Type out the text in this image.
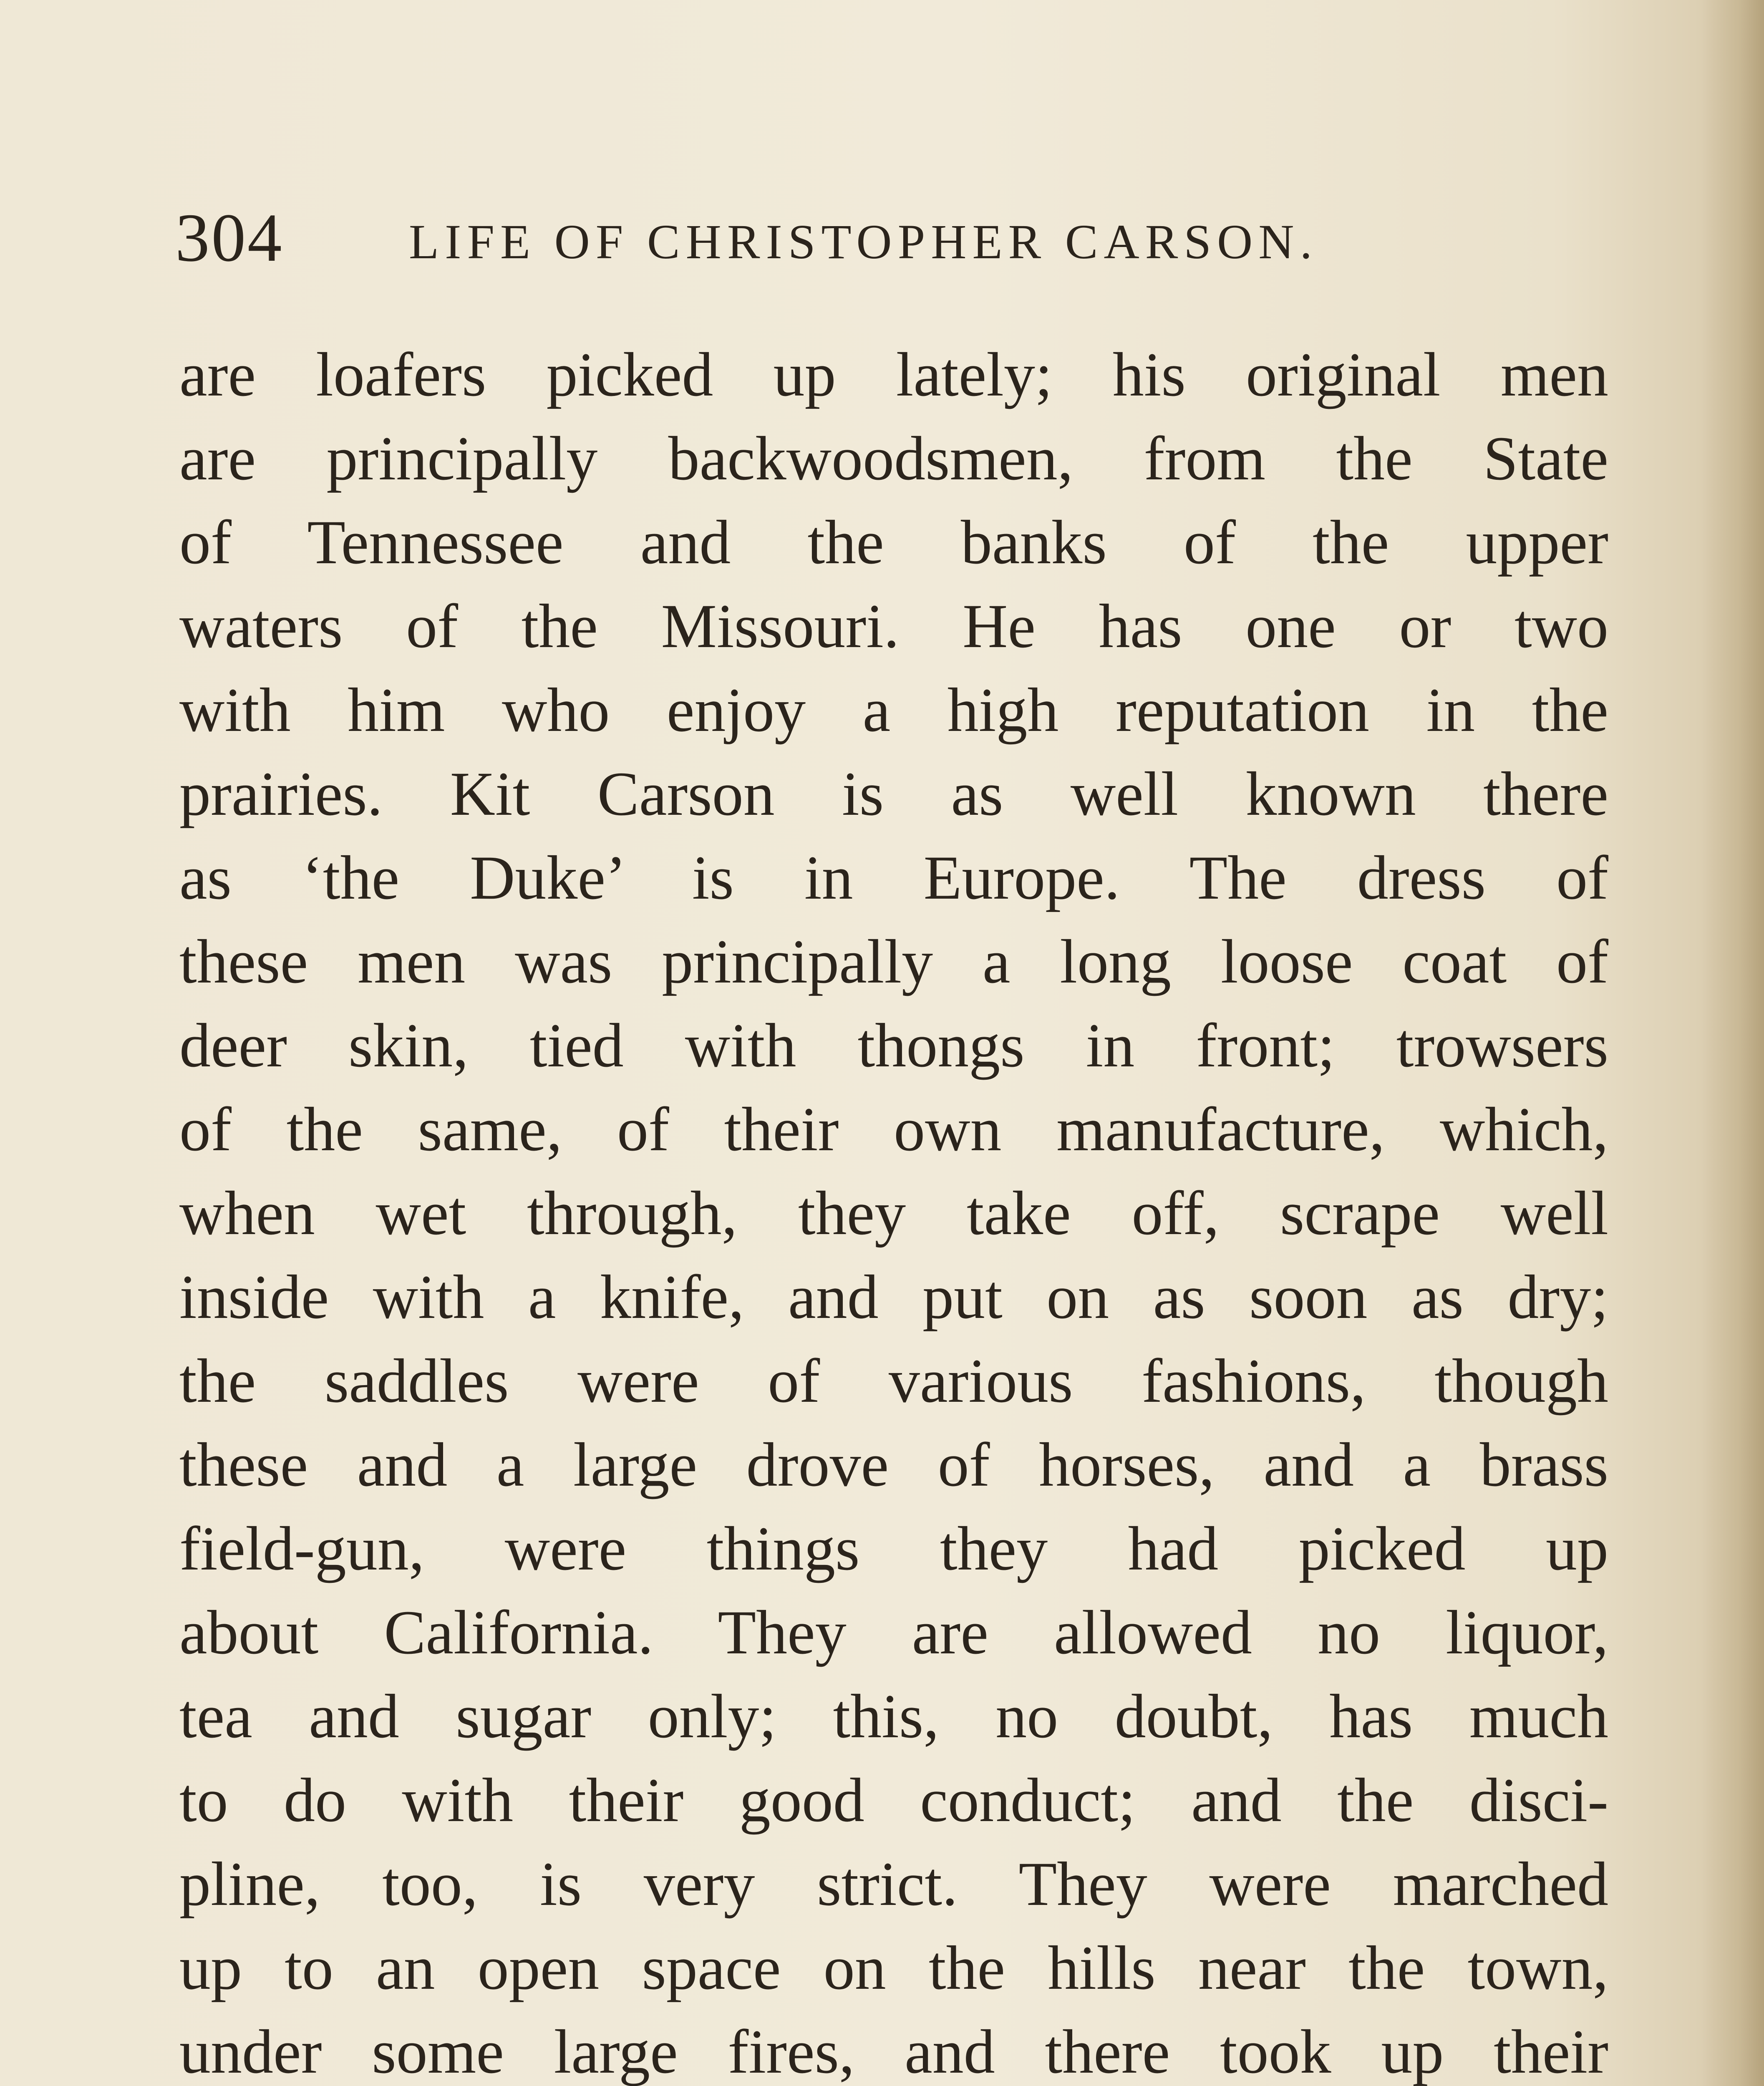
304	LIFE OF CHRISTOPHER CARSON.
are loafers picked up lately; his original men
are principally backwoodsmen, from the State
of Tennessee and the banks of the upper
waters of the Missouri. He has one or two
with him who enjoy a high reputation in the
prairies. Kit Carson is as well known there
as ‘the Duke’ is in Europe. The dress of
these men was principally a long loose coat of
deer skin, tied with thongs in front; trowsers
of the same, of their own manufacture, which,
when wet through, they take off, scrape well
inside with a knife, and put on as soon as dry;
the saddles were of various fashions, though
these and a large drove of horses, and a brass
field-gun, were things they had picked up
about California. They are allowed no liquor,
tea and sugar only; this, no doubt, has much
to do with their good conduct; and the disci-
pline, too, is very strict. They were marched
up to an open space on the hills near the town,
under some large fires, and there took up their
